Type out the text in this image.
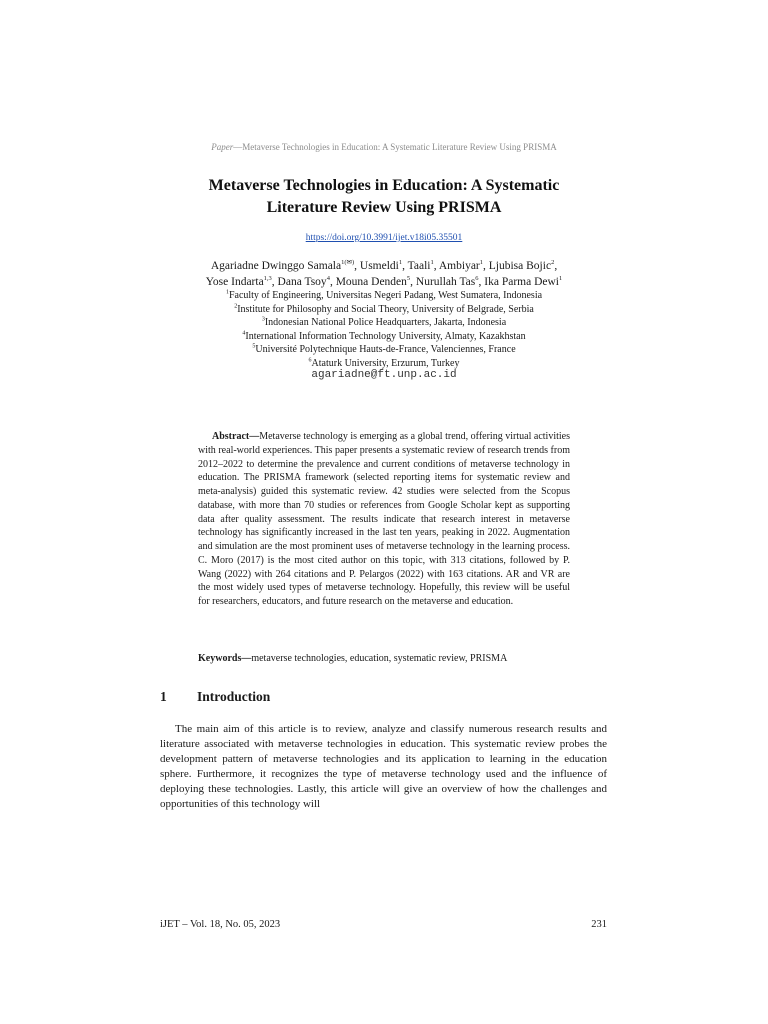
Paper—Metaverse Technologies in Education: A Systematic Literature Review Using PRISMA
Metaverse Technologies in Education: A Systematic
Literature Review Using PRISMA
https://doi.org/10.3991/ijet.v18i05.35501
Agariadne Dwinggo Samala$^{1(✉)}$, Usmeldi$^1$, Taali$^1$, Ambiyar$^1$, Ljubisa Bojic$^2$,
Yose Indarta$^{1,3}$, Dana Tsoy$^4$, Mouna Denden$^5$, Nurullah Tas$^6$, Ika Parma Dewi$^1$
$^1$Faculty of Engineering, Universitas Negeri Padang, West Sumatera, Indonesia
$^2$Institute for Philosophy and Social Theory, University of Belgrade, Serbia
$^3$Indonesian National Police Headquarters, Jakarta, Indonesia
$^4$International Information Technology University, Almaty, Kazakhstan
$^5$Université Polytechnique Hauts-de-France, Valenciennes, France
$^6$Ataturk University, Erzurum, Turkey
agariadne@ft.unp.ac.id

Abstract—Metaverse technology is emerging as a global trend, offering virtual activities with real-world experiences. This paper presents a systematic review of research trends from 2012–2022 to determine the prevalence and current conditions of metaverse technology in education. The PRISMA framework (selected reporting items for systematic review and meta-analysis) guided this systematic review. 42 studies were selected from the Scopus database, with more than 70 studies or references from Google Scholar kept as supporting data after quality assessment. The results indicate that research interest in metaverse technology has significantly increased in the last ten years, peaking in 2022. Augmentation and simulation are the most prominent uses of metaverse technology in the learning process. C. Moro (2017) is the most cited author on this topic, with 313 citations, followed by P. Wang (2022) with 264 citations and P. Pelargos (2022) with 163 citations. AR and VR are the most widely used types of metaverse technology. Hopefully, this review will be useful for researchers, educators, and future research on the metaverse and education.

Keywords—metaverse technologies, education, systematic review, PRISMA
1 Introduction

The main aim of this article is to review, analyze and classify numerous research results and literature associated with metaverse technologies in education. This systematic review probes the development pattern of metaverse technologies and its application to learning in the education sphere. Furthermore, it recognizes the type of metaverse technology used and the influence of deploying these technologies. Lastly, this article will give an overview of how the challenges and opportunities of this technology will

iJET – Vol. 18, No. 05, 2023	231
